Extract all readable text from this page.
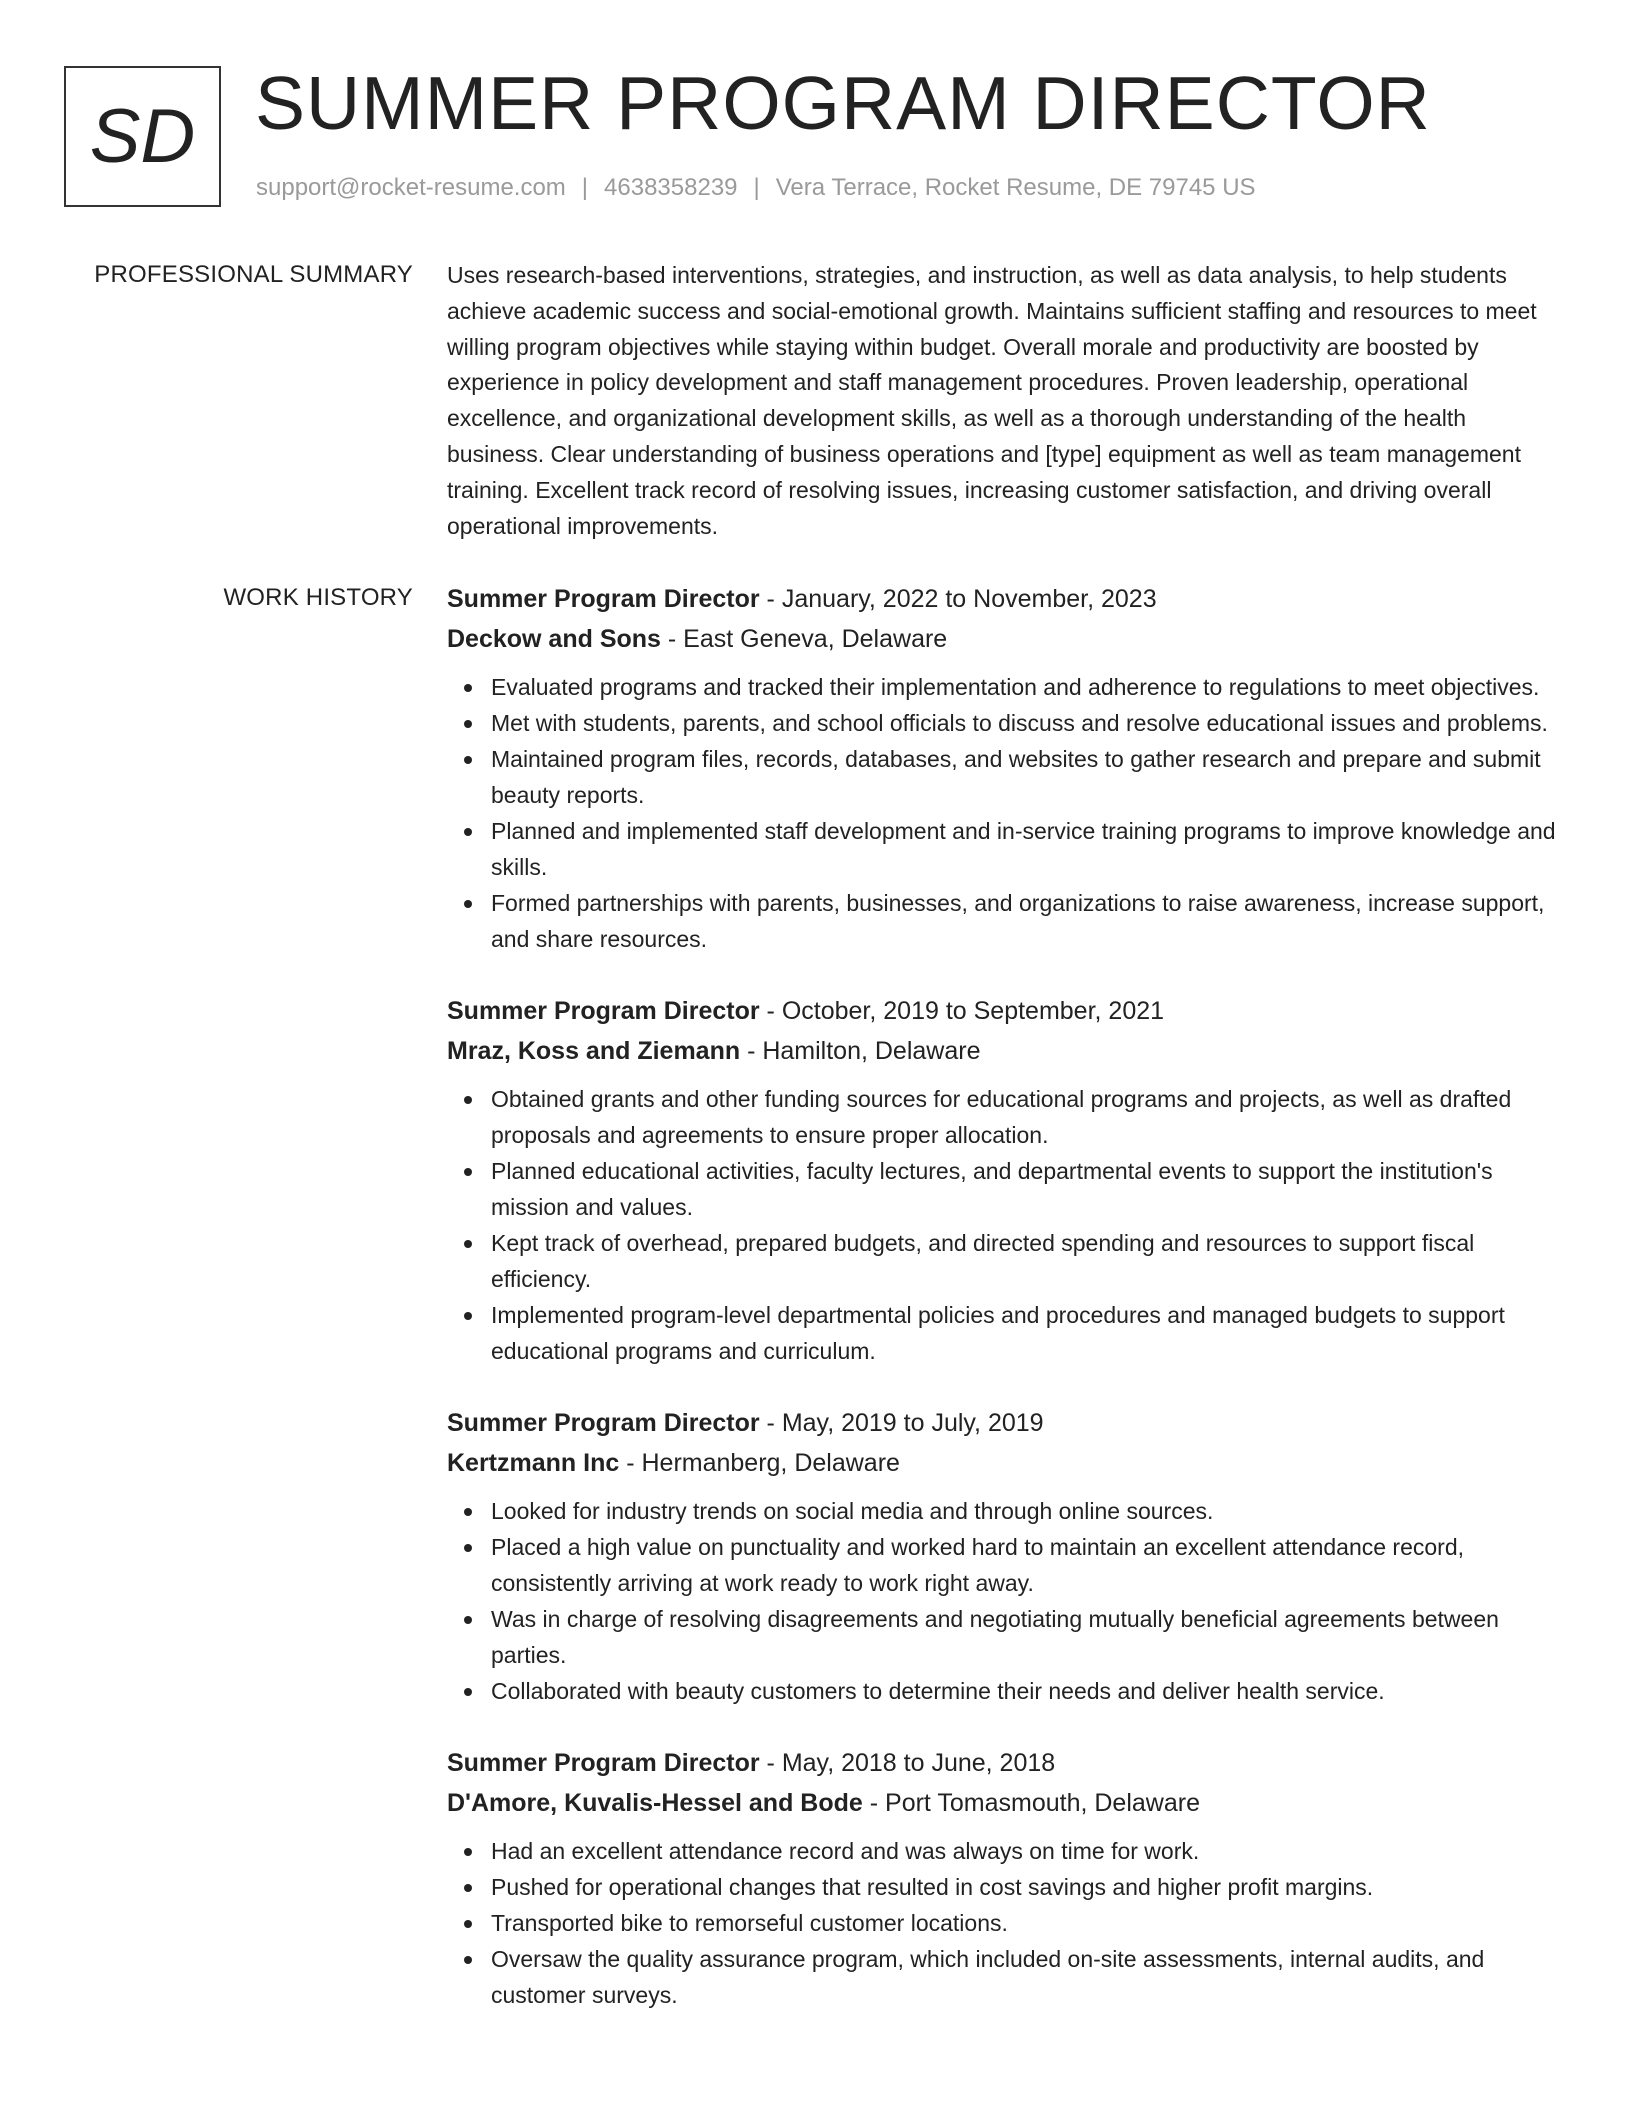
SD SUMMER PROGRAM DIRECTOR
support@rocket-resume.com | 4638358239 | Vera Terrace, Rocket Resume, DE 79745 US
PROFESSIONAL SUMMARY Uses research-based interventions, strategies, and instruction, as well as data analysis, to help students achieve academic success and social-emotional growth. Maintains sufficient staffing and resources to meet willing program objectives while staying within budget. Overall morale and productivity are boosted by experience in policy development and staff management procedures. Proven leadership, operational excellence, and organizational development skills, as well as a thorough understanding of the health business. Clear understanding of business operations and [type] equipment as well as team management training. Excellent track record of resolving issues, increasing customer satisfaction, and driving overall operational improvements.

WORK HISTORY Summer Program Director - January, 2022 to November, 2023
Deckow and Sons - East Geneva, Delaware
Evaluated programs and tracked their implementation and adherence to regulations to meet objectives.
Met with students, parents, and school officials to discuss and resolve educational issues and problems.
Maintained program files, records, databases, and websites to gather research and prepare and submit beauty reports.
Planned and implemented staff development and in-service training programs to improve knowledge and skills.
Formed partnerships with parents, businesses, and organizations to raise awareness, increase support, and share resources.
Summer Program Director - October, 2019 to September, 2021
Mraz, Koss and Ziemann - Hamilton, Delaware
Obtained grants and other funding sources for educational programs and projects, as well as drafted proposals and agreements to ensure proper allocation.
Planned educational activities, faculty lectures, and departmental events to support the institution's mission and values.
Kept track of overhead, prepared budgets, and directed spending and resources to support fiscal efficiency.
Implemented program-level departmental policies and procedures and managed budgets to support educational programs and curriculum.
Summer Program Director - May, 2019 to July, 2019
Kertzmann Inc - Hermanberg, Delaware
Looked for industry trends on social media and through online sources.
Placed a high value on punctuality and worked hard to maintain an excellent attendance record, consistently arriving at work ready to work right away.
Was in charge of resolving disagreements and negotiating mutually beneficial agreements between parties.
Collaborated with beauty customers to determine their needs and deliver health service.
Summer Program Director - May, 2018 to June, 2018
D'Amore, Kuvalis-Hessel and Bode - Port Tomasmouth, Delaware
Had an excellent attendance record and was always on time for work.
Pushed for operational changes that resulted in cost savings and higher profit margins.
Transported bike to remorseful customer locations.
Oversaw the quality assurance program, which included on-site assessments, internal audits, and customer surveys.
